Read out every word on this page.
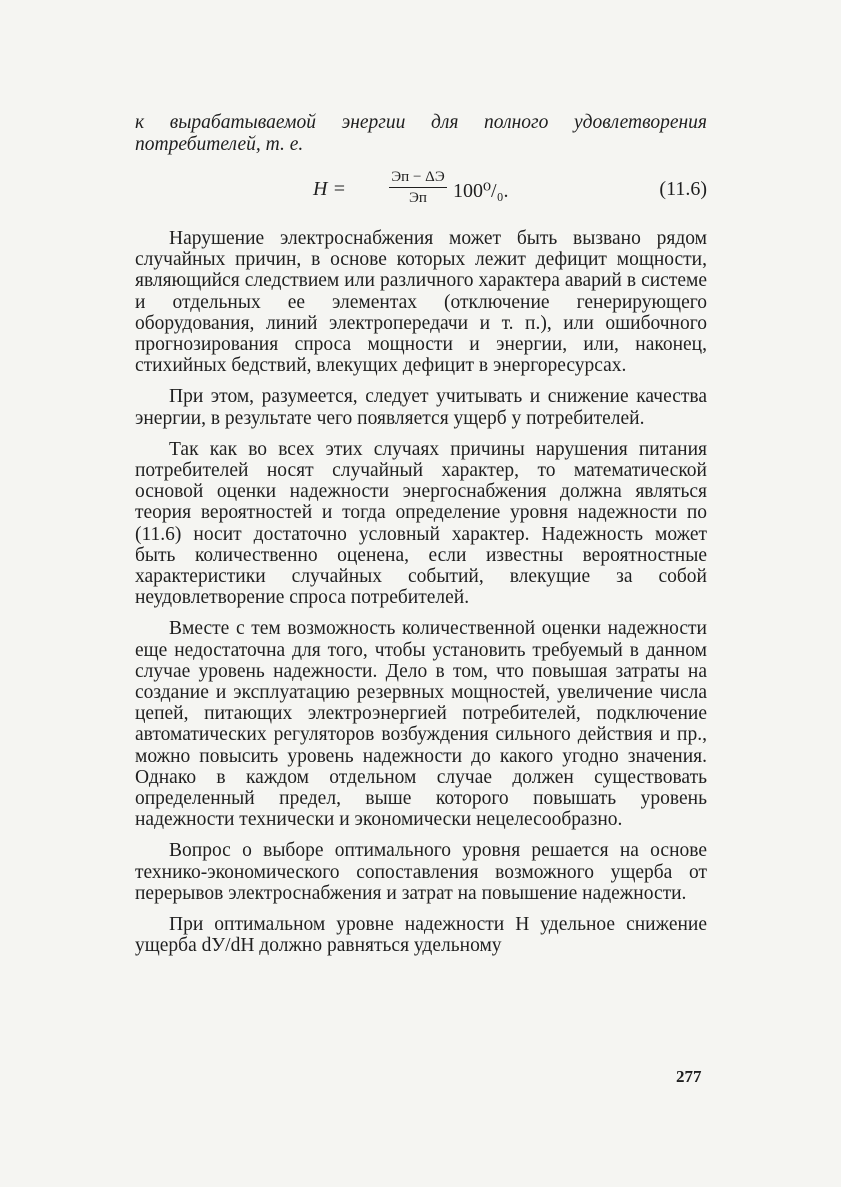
к вырабатываемой энергии для полного удовлетворения потребителей, т. е.
H =
Эп − ΔЭ
Эп	100⁰/₀.	(11.6)

Нарушение электроснабжения может быть вызвано рядом случайных причин, в основе которых лежит дефицит мощности, являющийся следствием или различного характера аварий в системе и отдельных ее элементах (отключение генерирующего оборудования, линий электропередачи и т. п.), или ошибочного прогнозирования спроса мощности и энергии, или, наконец, стихийных бедствий, влекущих дефицит в энергоресурсах.

При этом, разумеется, следует учитывать и снижение качества энергии, в результате чего появляется ущерб у потребителей.

Так как во всех этих случаях причины нарушения питания потребителей носят случайный характер, то математической основой оценки надежности энергоснабжения должна являться теория вероятностей и тогда определение уровня надежности по (11.6) носит достаточно условный характер. Надежность может быть количественно оценена, если известны вероятностные характеристики случайных событий, влекущие за собой неудовлетворение спроса потребителей.

Вместе с тем возможность количественной оценки надежности еще недостаточна для того, чтобы установить требуемый в данном случае уровень надежности. Дело в том, что повышая затраты на создание и эксплуатацию резервных мощностей, увеличение числа цепей, питающих электроэнергией потребителей, подключение автоматических регуляторов возбуждения сильного действия и пр., можно повысить уровень надежности до какого угодно значения. Однако в каждом отдельном случае должен существовать определенный предел, выше которого повышать уровень надежности технически и экономически нецелесообразно.

Вопрос о выборе оптимального уровня решается на основе технико-экономического сопоставления возможного ущерба от перерывов электроснабжения и затрат на повышение надежности.

При оптимальном уровне надежности H удельное снижение ущерба dУ/dH должно равняться удельному

277
